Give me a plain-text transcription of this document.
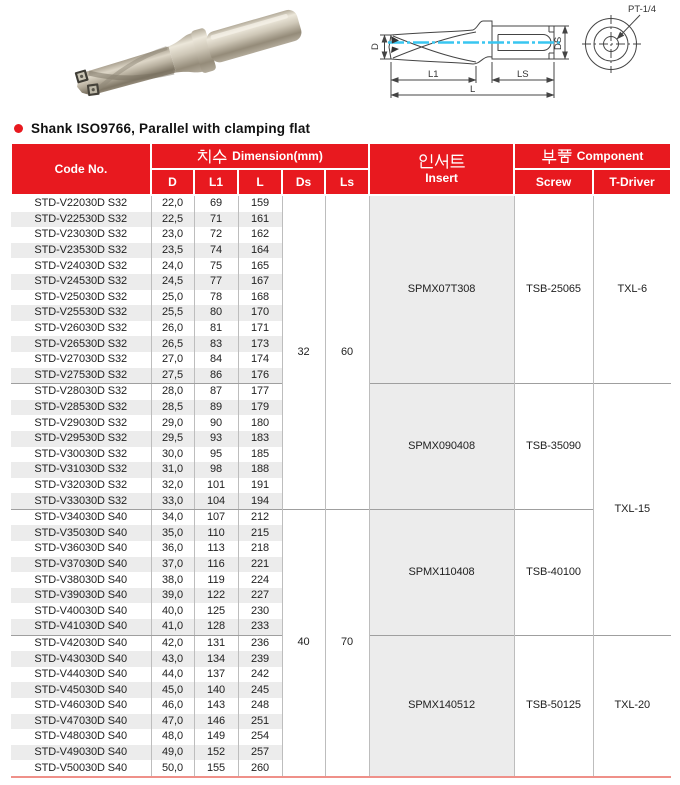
D	DS
L1	LS
L
PT-1/4
Shank ISO9766, Parallel with clamping flat
Code No.	Dimension(mm)					Insert	Component	

	D	L1	L	Ds	Ls		Screw	T-Driver
STD-V22030D S32	22,0	69	159	32	60	SPMX07T308	TSB-25065	TXL-6
STD-V22530D S32	22,5	71	161					
STD-V23030D S32	23,0	72	162					
STD-V23530D S32	23,5	74	164					
STD-V24030D S32	24,0	75	165					
STD-V24530D S32	24,5	77	167					
STD-V25030D S32	25,0	78	168					
STD-V25530D S32	25,5	80	170					
STD-V26030D S32	26,0	81	171					
STD-V26530D S32	26,5	83	173					
STD-V27030D S32	27,0	84	174					
STD-V27530D S32	27,5	86	176					
STD-V28030D S32	28,0	87	177			SPMX090408	TSB-35090	TXL-15
STD-V28530D S32	28,5	89	179					
STD-V29030D S32	29,0	90	180					
STD-V29530D S32	29,5	93	183					
STD-V30030D S32	30,0	95	185					
STD-V31030D S32	31,0	98	188					
STD-V32030D S32	32,0	101	191					
STD-V33030D S32	33,0	104	194					
STD-V34030D S40	34,0	107	212	40	70	SPMX110408	TSB-40100	
STD-V35030D S40	35,0	110	215					
STD-V36030D S40	36,0	113	218					
STD-V37030D S40	37,0	116	221					
STD-V38030D S40	38,0	119	224					
STD-V39030D S40	39,0	122	227					
STD-V40030D S40	40,0	125	230					
STD-V41030D S40	41,0	128	233					
STD-V42030D S40	42,0	131	236			SPMX140512	TSB-50125	TXL-20
STD-V43030D S40	43,0	134	239					
STD-V44030D S40	44,0	137	242					
STD-V45030D S40	45,0	140	245					
STD-V46030D S40	46,0	143	248					
STD-V47030D S40	47,0	146	251					
STD-V48030D S40	48,0	149	254					
STD-V49030D S40	49,0	152	257					
STD-V50030D S40	50,0	155	260					
